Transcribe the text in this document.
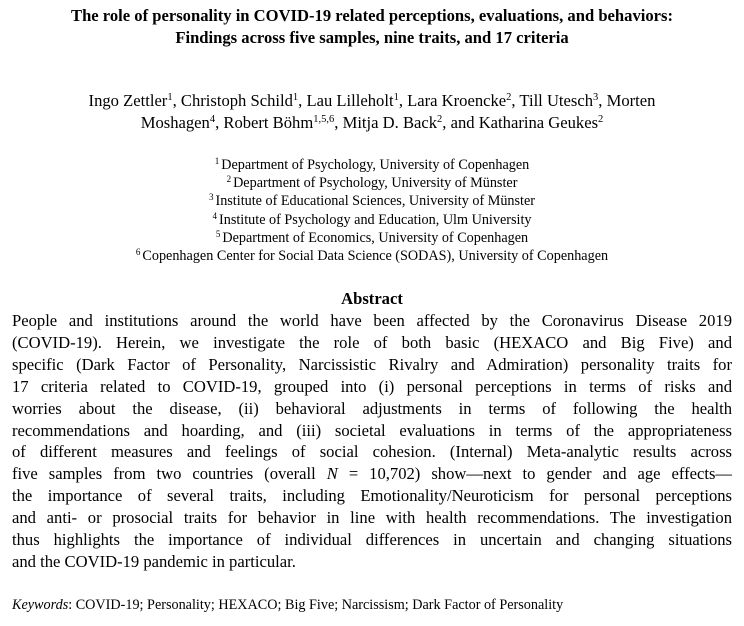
The role of personality in COVID-19 related perceptions, evaluations, and behaviors:
Findings across five samples, nine traits, and 17 criteria
Ingo Zettler$^1$, Christoph Schild$^1$, Lau Lilleholt$^1$, Lara Kroencke$^2$, Till Utesch$^3$, Morten
Moshagen$^4$, Robert Böhm$^{1,5,6}$, Mitja D. Back$^2$, and Katharina Geukes$^2$
$^1$ Department of Psychology, University of Copenhagen
$^2$ Department of Psychology, University of Münster
$^3$ Institute of Educational Sciences, University of Münster
$^4$ Institute of Psychology and Education, Ulm University
$^5$ Department of Economics, University of Copenhagen
$^6$ Copenhagen Center for Social Data Science (SODAS), University of Copenhagen
Abstract
People and institutions around the world have been affected by the Coronavirus Disease 2019
(COVID-19). Herein, we investigate the role of both basic (HEXACO and Big Five) and
specific (Dark Factor of Personality, Narcissistic Rivalry and Admiration) personality traits for
17 criteria related to COVID-19, grouped into (i) personal perceptions in terms of risks and
worries about the disease, (ii) behavioral adjustments in terms of following the health
recommendations and hoarding, and (iii) societal evaluations in terms of the appropriateness
of different measures and feelings of social cohesion. (Internal) Meta-analytic results across
five samples from two countries (overall N = 10,702) show—next to gender and age effects—
the importance of several traits, including Emotionality/Neuroticism for personal perceptions
and anti- or prosocial traits for behavior in line with health recommendations. The investigation
thus highlights the importance of individual differences in uncertain and changing situations
and the COVID-19 pandemic in particular.
Keywords: COVID-19; Personality; HEXACO; Big Five; Narcissism; Dark Factor of Personality
